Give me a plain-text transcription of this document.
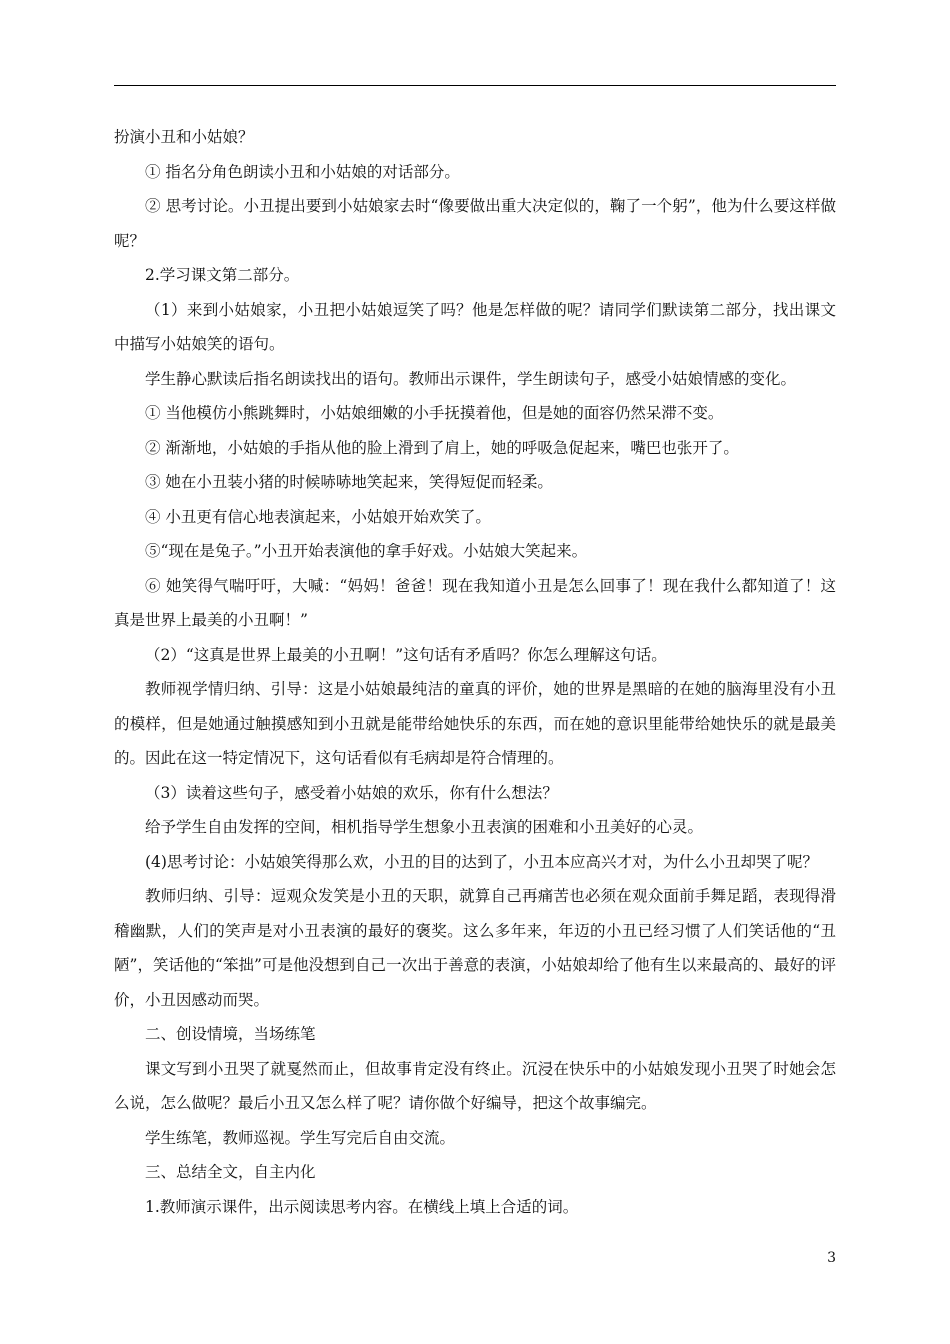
扮演小丑和小姑娘？

① 指名分角色朗读小丑和小姑娘的对话部分。

② 思考讨论。小丑提出要到小姑娘家去时“像要做出重大决定似的，鞠了一个躬”，他为什么要这样做呢？

2.学习课文第二部分。

（1）来到小姑娘家，小丑把小姑娘逗笑了吗？他是怎样做的呢？请同学们默读第二部分，找出课文中描写小姑娘笑的语句。

学生静心默读后指名朗读找出的语句。教师出示课件，学生朗读句子，感受小姑娘情感的变化。

① 当他模仿小熊跳舞时，小姑娘细嫩的小手抚摸着他，但是她的面容仍然呆滞不变。

② 渐渐地，小姑娘的手指从他的脸上滑到了肩上，她的呼吸急促起来，嘴巴也张开了。

③ 她在小丑装小猪的时候哧哧地笑起来，笑得短促而轻柔。

④ 小丑更有信心地表演起来，小姑娘开始欢笑了。

⑤“现在是兔子。”小丑开始表演他的拿手好戏。小姑娘大笑起来。

⑥ 她笑得气喘吁吁，大喊：“妈妈！爸爸！现在我知道小丑是怎么回事了！现在我什么都知道了！这真是世界上最美的小丑啊！”

（2）“这真是世界上最美的小丑啊！”这句话有矛盾吗？你怎么理解这句话。

教师视学情归纳、引导：这是小姑娘最纯洁的童真的评价，她的世界是黑暗的在她的脑海里没有小丑的模样，但是她通过触摸感知到小丑就是能带给她快乐的东西，而在她的意识里能带给她快乐的就是最美的。因此在这一特定情况下，这句话看似有毛病却是符合情理的。

（3）读着这些句子，感受着小姑娘的欢乐，你有什么想法？

给予学生自由发挥的空间，相机指导学生想象小丑表演的困难和小丑美好的心灵。

(4)思考讨论：小姑娘笑得那么欢，小丑的目的达到了，小丑本应高兴才对，为什么小丑却哭了呢？

教师归纳、引导：逗观众发笑是小丑的天职，就算自己再痛苦也必须在观众面前手舞足蹈，表现得滑稽幽默，人们的笑声是对小丑表演的最好的褒奖。这么多年来，年迈的小丑已经习惯了人们笑话他的“丑陋”，笑话他的“笨拙”可是他没想到自己一次出于善意的表演，小姑娘却给了他有生以来最高的、最好的评价，小丑因感动而哭。

二、创设情境，当场练笔

课文写到小丑哭了就戛然而止，但故事肯定没有终止。沉浸在快乐中的小姑娘发现小丑哭了时她会怎么说，怎么做呢？最后小丑又怎么样了呢？请你做个好编导，把这个故事编完。

学生练笔，教师巡视。学生写完后自由交流。

三、总结全文，自主内化

1.教师演示课件，出示阅读思考内容。在横线上填上合适的词。

3
